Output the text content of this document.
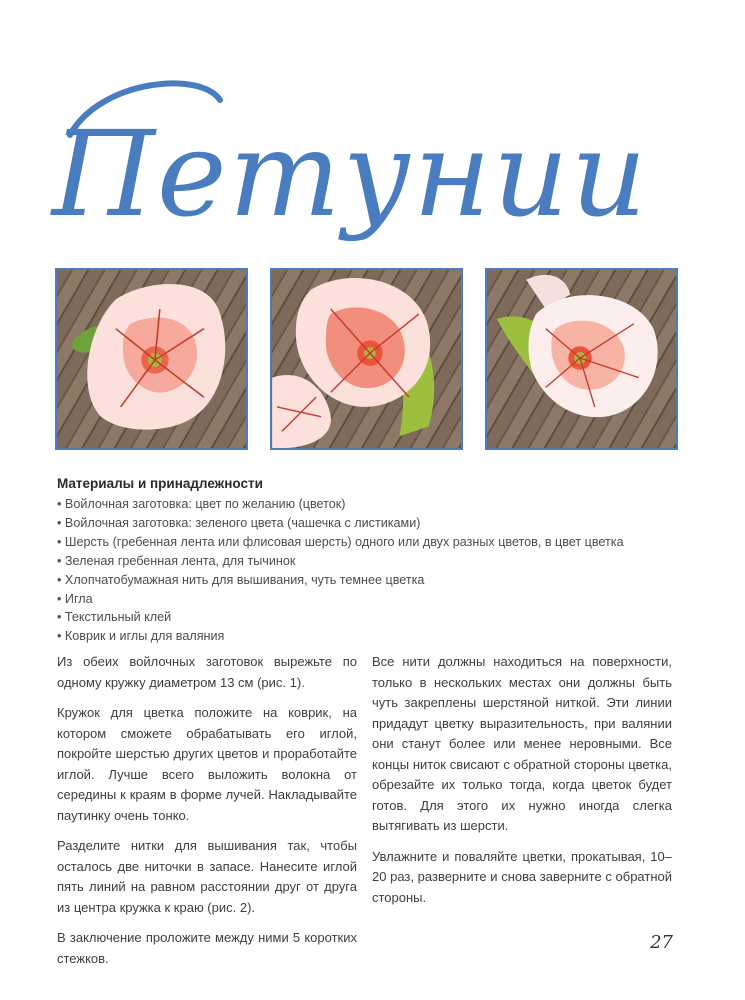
Петунии
Материалы и принадлежности
• Войлочная заготовка: цвет по желанию (цветок)
• Войлочная заготовка: зеленого цвета (чашечка с листиками)
• Шерсть (гребенная лента или флисовая шерсть) одного или двух разных цветов, в цвет цветка
• Зеленая гребенная лента, для тычинок
• Хлопчатобумажная нить для вышивания, чуть темнее цветка
• Игла
• Текстильный клей
• Коврик и иглы для валяния

Из обеих войлочных заготовок вырежьте по одному кружку диаметром 13 см (рис. 1).

Кружок для цветка положите на коврик, на котором сможете обрабатывать его иглой, покройте шерстью других цветов и проработайте иглой. Лучше всего выложить волокна от середины к краям в форме лучей. Накладывайте паутинку очень тонко.

Разделите нитки для вышивания так, чтобы осталось две ниточки в запасе. Нанесите иглой пять линий на равном расстоянии друг от друга из центра кружка к краю (рис. 2).

В заключение проложите между ними 5 коротких стежков.

Все нити должны находиться на поверхности, только в нескольких местах они должны быть чуть закреплены шерстяной ниткой. Эти линии придадут цветку выразительность, при валянии они станут более или менее неровными. Все концы ниток свисают с обратной стороны цветка, обрезайте их только тогда, когда цветок будет готов. Для этого их нужно иногда слегка вытягивать из шерсти.

Увлажните и поваляйте цветки, прокатывая, 10–20 раз, разверните и снова заверните с обратной стороны.

27
